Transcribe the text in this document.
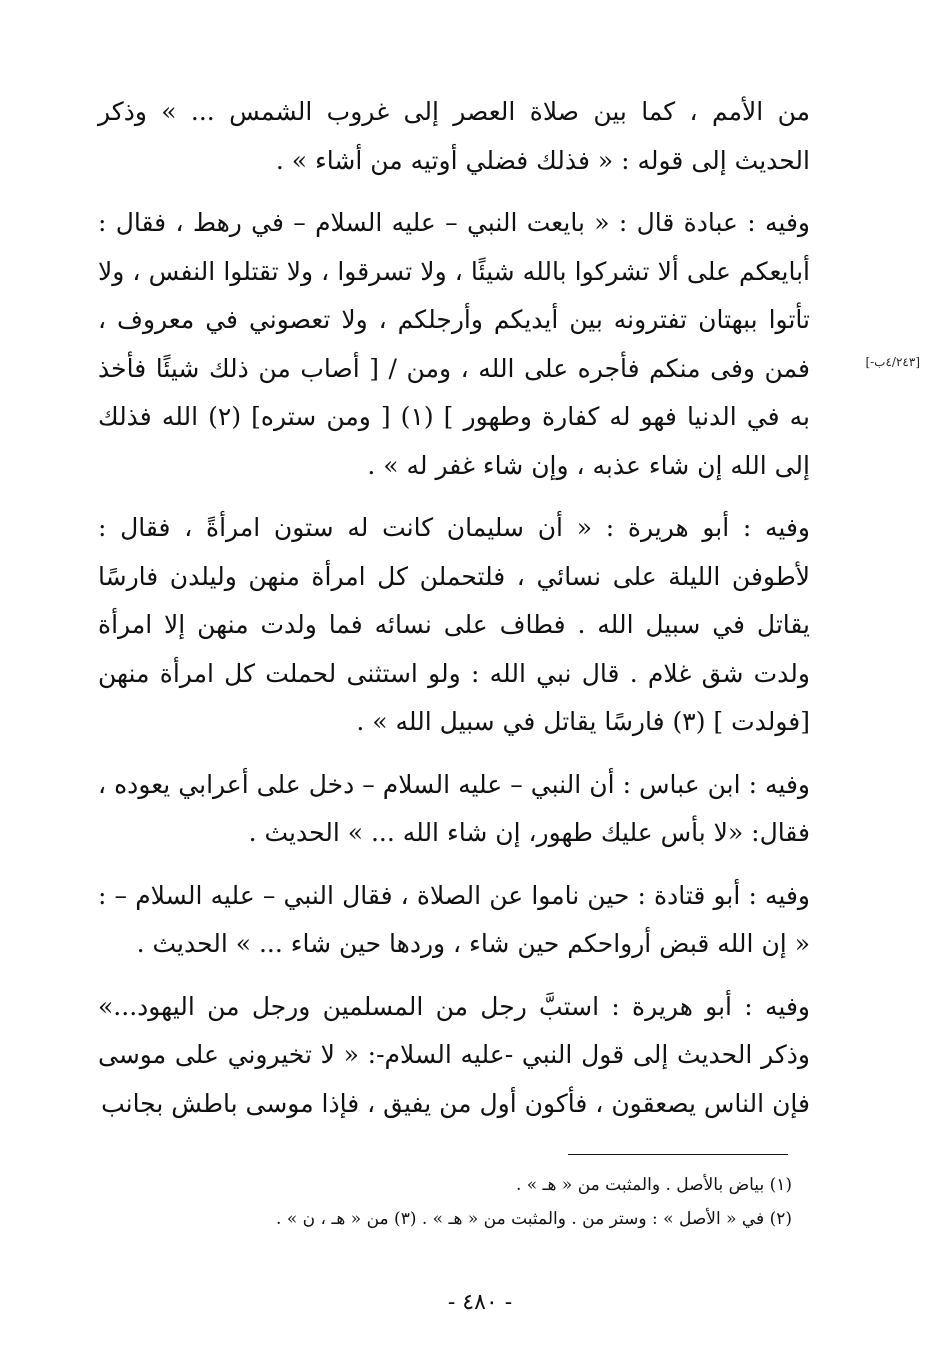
من الأمم ، كما بين صلاة العصر إلى غروب الشمس ... » وذكر الحديث إلى قوله : « فذلك فضلي أوتيه من أشاء » .

وفيه : عبادة قال : « بايعت النبي – عليه السلام – في رهط ، فقال : أبايعكم على ألا تشركوا بالله شيئًا ، ولا تسرقوا ، ولا تقتلوا النفس ، ولا تأتوا ببهتان تفترونه بين أيديكم وأرجلكم ، ولا تعصوني في معروف ، فمن وفى منكم فأجره على الله ، ومن / [ أصاب من ذلك شيئًا فأخذ به في الدنيا فهو له كفارة وطهور ] (١) [ ومن ستره] (٢) الله فذلك إلى الله إن شاء عذبه ، وإن شاء غفر له » .

وفيه : أبو هريرة : « أن سليمان كانت له ستون امرأةً ، فقال : لأطوفن الليلة على نسائي ، فلتحملن كل امرأة منهن وليلدن فارسًا يقاتل في سبيل الله . فطاف على نسائه فما ولدت منهن إلا امرأة ولدت شق غلام . قال نبي الله : ولو استثنى لحملت كل امرأة منهن [فولدت ] (٣) فارسًا يقاتل في سبيل الله » .

وفيه : ابن عباس : أن النبي – عليه السلام – دخل على أعرابي يعوده ، فقال: «لا بأس عليك طهور، إن شاء الله ... » الحديث .

وفيه : أبو قتادة : حين ناموا عن الصلاة ، فقال النبي – عليه السلام – : « إن الله قبض أرواحكم حين شاء ، وردها حين شاء ... » الحديث .

وفيه : أبو هريرة : استبَّ رجل من المسلمين ورجل من اليهود...» وذكر الحديث إلى قول النبي -عليه السلام-: « لا تخيروني على موسى فإن الناس يصعقون ، فأكون أول من يفيق ، فإذا موسى باطش بجانب

[٤/٢٤٣ب-]

(١) بياض بالأصل . والمثبت من « هـ » .

(٢) في « الأصل » : وستر من . والمثبت من « هـ » . (٣) من « هـ ، ن » .

- ٤٨٠ -
